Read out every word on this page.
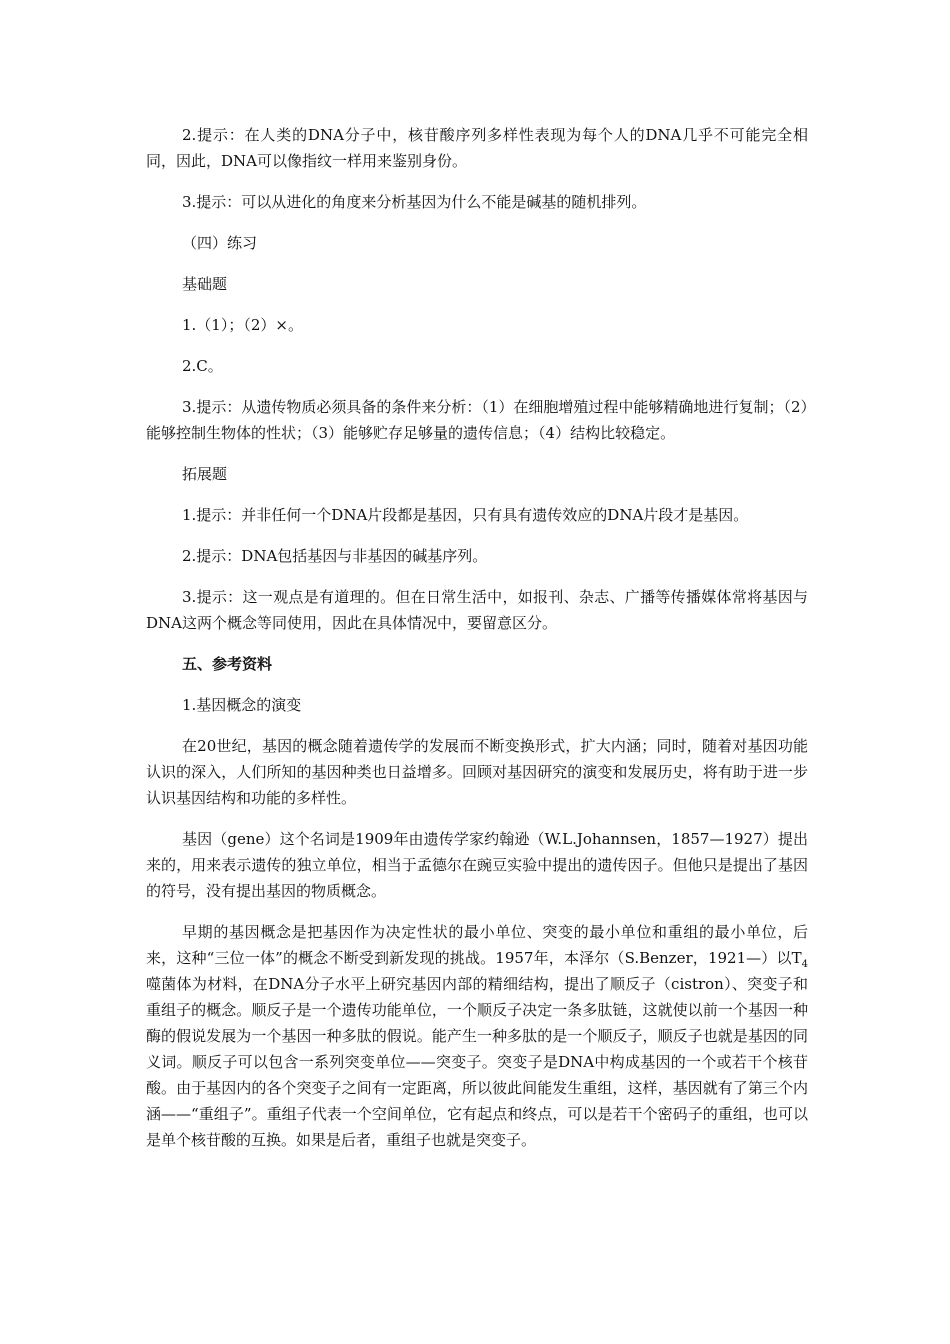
2.提示：在人类的DNA分子中，核苷酸序列多样性表现为每个人的DNA几乎不可能完全相同，因此，DNA可以像指纹一样用来鉴别身份。

3.提示：可以从进化的角度来分析基因为什么不能是碱基的随机排列。

（四）练习

基础题

1.（1）；（2）×。

2.C。

3.提示：从遗传物质必须具备的条件来分析：（1）在细胞增殖过程中能够精确地进行复制；（2）能够控制生物体的性状；（3）能够贮存足够量的遗传信息；（4）结构比较稳定。

拓展题

1.提示：并非任何一个DNA片段都是基因，只有具有遗传效应的DNA片段才是基因。

2.提示：DNA包括基因与非基因的碱基序列。

3.提示：这一观点是有道理的。但在日常生活中，如报刊、杂志、广播等传播媒体常将基因与DNA这两个概念等同使用，因此在具体情况中，要留意区分。

五、参考资料

1.基因概念的演变

在20世纪，基因的概念随着遗传学的发展而不断变换形式，扩大内涵；同时，随着对基因功能认识的深入，人们所知的基因种类也日益增多。回顾对基因研究的演变和发展历史，将有助于进一步认识基因结构和功能的多样性。

基因（gene）这个名词是1909年由遗传学家约翰逊（W.L.Johannsen，1857—1927）提出来的，用来表示遗传的独立单位，相当于孟德尔在豌豆实验中提出的遗传因子。但他只是提出了基因的符号，没有提出基因的物质概念。

早期的基因概念是把基因作为决定性状的最小单位、突变的最小单位和重组的最小单位，后来，这种“三位一体”的概念不断受到新发现的挑战。1957年，本泽尔（S.Benzer，1921—）以$T_4$噬菌体为材料，在DNA分子水平上研究基因内部的精细结构，提出了顺反子（cistron）、突变子和重组子的概念。顺反子是一个遗传功能单位，一个顺反子决定一条多肽链，这就使以前一个基因一种酶的假说发展为一个基因一种多肽的假说。能产生一种多肽的是一个顺反子，顺反子也就是基因的同义词。顺反子可以包含一系列突变单位——突变子。突变子是DNA中构成基因的一个或若干个核苷酸。由于基因内的各个突变子之间有一定距离，所以彼此间能发生重组，这样，基因就有了第三个内涵——“重组子”。重组子代表一个空间单位，它有起点和终点，可以是若干个密码子的重组，也可以是单个核苷酸的互换。如果是后者，重组子也就是突变子。
